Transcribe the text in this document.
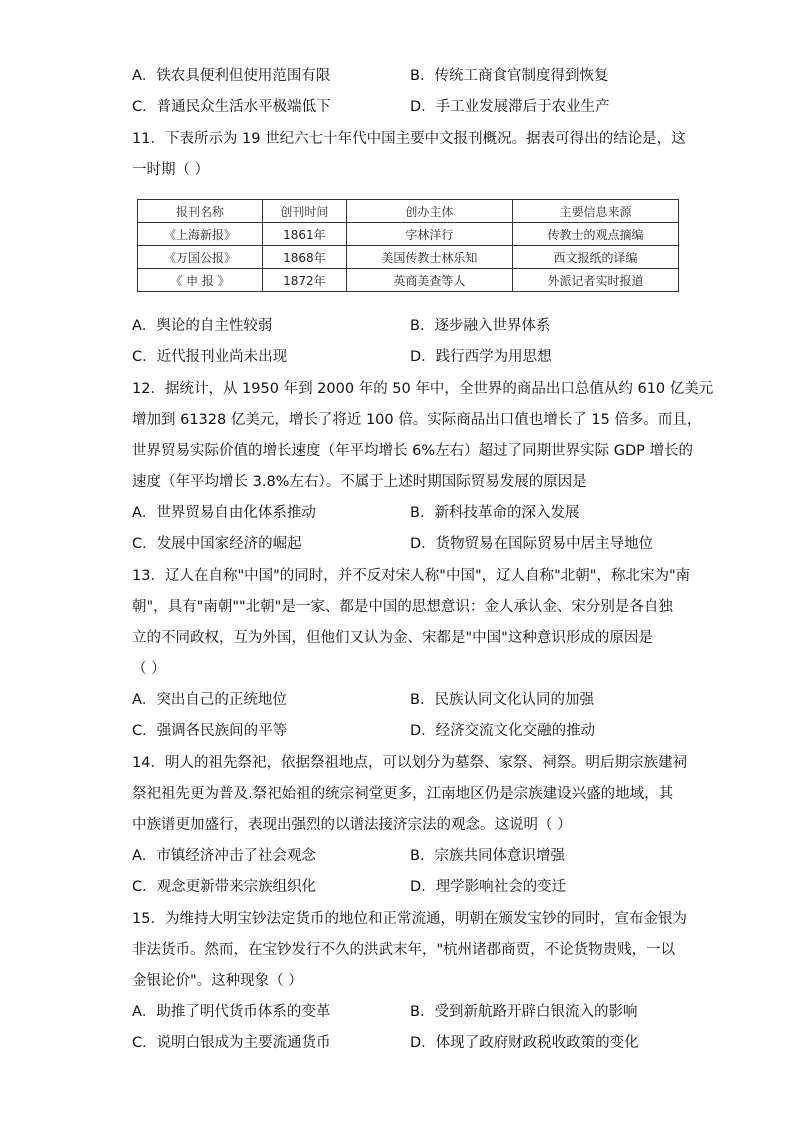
A．铁农具便利但使用范围有限	B．传统工商食官制度得到恢复
C．普通民众生活水平极端低下	D．手工业发展滞后于农业生产
11．下表所示为 19 世纪六七十年代中国主要中文报刊概况。据表可得出的结论是，这
一时期（ ）
报刊名称	创刊时间	创办主体	主要信息来源
《上海新报》	1861年	字林洋行	传教士的观点摘编
《万国公报》	1868年	美国传教士林乐知	西文报纸的译编
《 申 报 》	1872年	英商美查等人	外派记者实时报道
A．舆论的自主性较弱	B．逐步融入世界体系
C．近代报刊业尚未出现	D．践行西学为用思想
12．据统计，从 1950 年到 2000 年的 50 年中，全世界的商品出口总值从约 610 亿美元
增加到 61328 亿美元，增长了将近 100 倍。实际商品出口值也增长了 15 倍多。而且，
世界贸易实际价值的增长速度（年平均增长 6%左右）超过了同期世界实际 GDP 增长的
速度（年平均增长 3.8%左右）。不属于上述时期国际贸易发展的原因是
A．世界贸易自由化体系推动	B．新科技革命的深入发展
C．发展中国家经济的崛起	D．货物贸易在国际贸易中居主导地位
13．辽人在自称"中国"的同时，并不反对宋人称"中国"，辽人自称"北朝"，称北宋为"南
朝"，具有"南朝""北朝"是一家、都是中国的思想意识：金人承认金、宋分别是各自独
立的不同政权，互为外国，但他们又认为金、宋都是"中国"这种意识形成的原因是
（ ）
A．突出自己的正统地位	B．民族认同文化认同的加强
C．强调各民族间的平等	D．经济交流文化交融的推动
14．明人的祖先祭祀，依据祭祖地点，可以划分为墓祭、家祭、祠祭。明后期宗族建祠
祭祀祖先更为普及.祭祀始祖的统宗祠堂更多，江南地区仍是宗族建设兴盛的地域，其
中族谱更加盛行，表现出强烈的以谱法接济宗法的观念。这说明（ ）
A．市镇经济冲击了社会观念	B．宗族共同体意识增强
C．观念更新带来宗族组织化	D．理学影响社会的变迁
15．为维持大明宝钞法定货币的地位和正常流通，明朝在颁发宝钞的同时，宣布金银为
非法货币。然而，在宝钞发行不久的洪武末年，"杭州诸郡商贾，不论货物贵贱，一以
金银论价"。这种现象（ ）
A．助推了明代货币体系的变革	B．受到新航路开辟白银流入的影响
C．说明白银成为主要流通货币	D．体现了政府财政税收政策的变化
